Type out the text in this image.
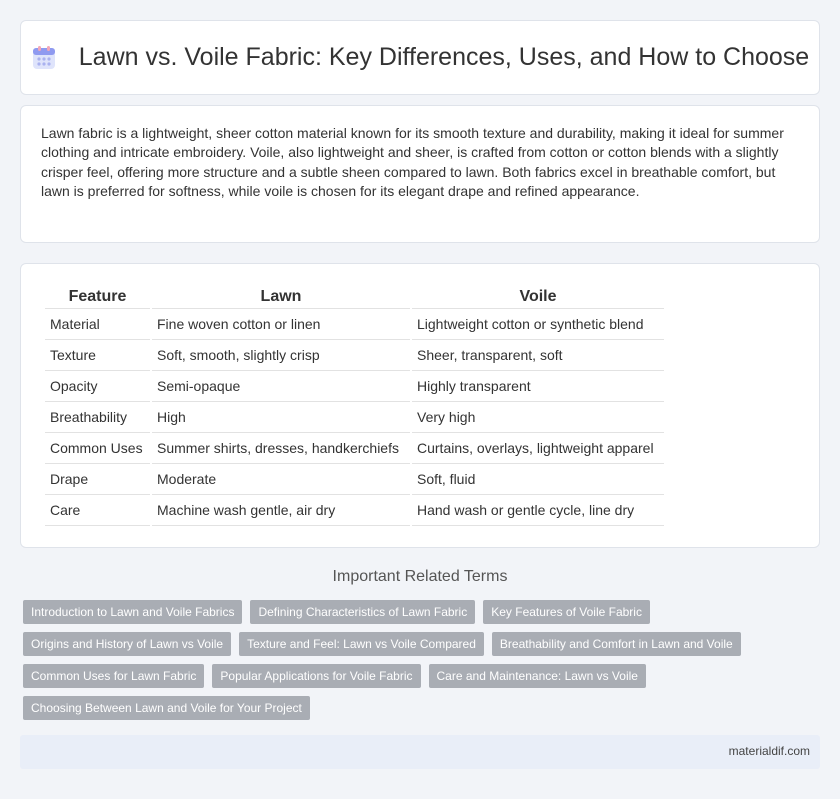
Lawn vs. Voile Fabric: Key Differences, Uses, and How to Choose

Lawn fabric is a lightweight, sheer cotton material known for its smooth texture and durability, making it ideal for summer clothing and intricate embroidery. Voile, also lightweight and sheer, is crafted from cotton or cotton blends with a slightly crisper feel, offering more structure and a subtle sheen compared to lawn. Both fabrics excel in breathable comfort, but lawn is preferred for softness, while voile is chosen for its elegant drape and refined appearance.

Feature	Lawn	Voile
Material	Fine woven cotton or linen	Lightweight cotton or synthetic blend
Texture	Soft, smooth, slightly crisp	Sheer, transparent, soft
Opacity	Semi-opaque	Highly transparent
Breathability	High	Very high
Common Uses	Summer shirts, dresses, handkerchiefs	Curtains, overlays, lightweight apparel
Drape	Moderate	Soft, fluid
Care	Machine wash gentle, air dry	Hand wash or gentle cycle, line dry
Important Related Terms
Introduction to Lawn and Voile Fabrics	Defining Characteristics of Lawn Fabric	Key Features of Voile Fabric
Origins and History of Lawn vs Voile	Texture and Feel: Lawn vs Voile Compared	Breathability and Comfort in Lawn and Voile
Common Uses for Lawn Fabric	Popular Applications for Voile Fabric	Care and Maintenance: Lawn vs Voile
Choosing Between Lawn and Voile for Your Project
materialdif.com
